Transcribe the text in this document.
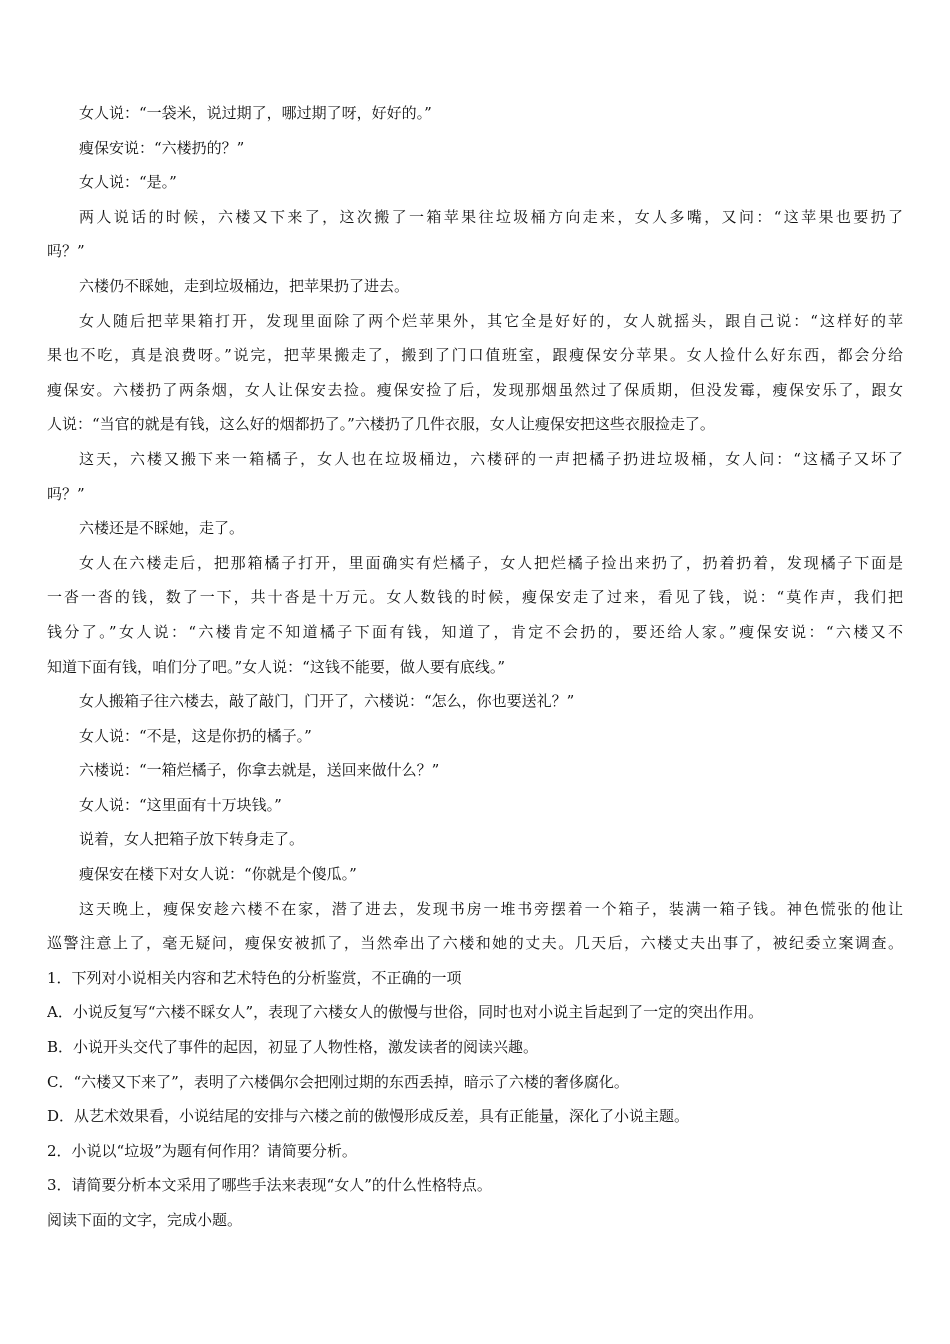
女人说：“一袋米，说过期了，哪过期了呀，好好的。”
瘦保安说：“六楼扔的？”
女人说：“是。”
两人说话的时候，六楼又下来了，这次搬了一箱苹果往垃圾桶方向走来，女人多嘴，又问：“这苹果也要扔了
吗？”
六楼仍不睬她，走到垃圾桶边，把苹果扔了进去。
女人随后把苹果箱打开，发现里面除了两个烂苹果外，其它全是好好的，女人就摇头，跟自己说：“这样好的苹
果也不吃，真是浪费呀。”说完，把苹果搬走了，搬到了门口值班室，跟瘦保安分苹果。女人捡什么好东西，都会分给
瘦保安。六楼扔了两条烟，女人让保安去捡。瘦保安捡了后，发现那烟虽然过了保质期，但没发霉，瘦保安乐了，跟女
人说：“当官的就是有钱，这么好的烟都扔了。”六楼扔了几件衣服，女人让瘦保安把这些衣服捡走了。
这天，六楼又搬下来一箱橘子，女人也在垃圾桶边，六楼砰的一声把橘子扔进垃圾桶，女人问：“这橘子又坏了
吗？”
六楼还是不睬她，走了。
女人在六楼走后，把那箱橘子打开，里面确实有烂橘子，女人把烂橘子捡出来扔了，扔着扔着，发现橘子下面是
一沓一沓的钱，数了一下，共十沓是十万元。女人数钱的时候，瘦保安走了过来，看见了钱，说：“莫作声，我们把
钱分了。”女人说：“六楼肯定不知道橘子下面有钱，知道了，肯定不会扔的，要还给人家。”瘦保安说：“六楼又不
知道下面有钱，咱们分了吧。”女人说：“这钱不能要，做人要有底线。”
女人搬箱子往六楼去，敲了敲门，门开了，六楼说：“怎么，你也要送礼？”
女人说：“不是，这是你扔的橘子。”
六楼说：“一箱烂橘子，你拿去就是，送回来做什么？”
女人说：“这里面有十万块钱。”
说着，女人把箱子放下转身走了。
瘦保安在楼下对女人说：“你就是个傻瓜。”
这天晚上，瘦保安趁六楼不在家，潜了进去，发现书房一堆书旁摆着一个箱子，装满一箱子钱。神色慌张的他让
巡警注意上了，毫无疑问，瘦保安被抓了，当然牵出了六楼和她的丈夫。几天后，六楼丈夫出事了，被纪委立案调查。
1．下列对小说相关内容和艺术特色的分析鉴赏，不正确的一项
A．小说反复写“六楼不睬女人”，表现了六楼女人的傲慢与世俗，同时也对小说主旨起到了一定的突出作用。
B．小说开头交代了事件的起因，初显了人物性格，激发读者的阅读兴趣。
C．“六楼又下来了”，表明了六楼偶尔会把刚过期的东西丢掉，暗示了六楼的奢侈腐化。
D．从艺术效果看，小说结尾的安排与六楼之前的傲慢形成反差，具有正能量，深化了小说主题。
2．小说以“垃圾”为题有何作用？请简要分析。
3．请简要分析本文采用了哪些手法来表现“女人”的什么性格特点。
阅读下面的文字，完成小题。
